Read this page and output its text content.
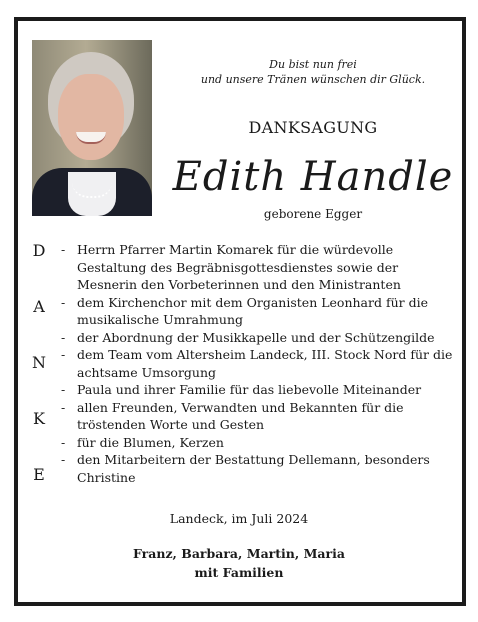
Du bist nun frei
und unsere Tränen wünschen dir Glück.
DANKSAGUNG
Edith Handle
geborene Egger
D
A
N
K
E
- Herrn Pfarrer Martin Komarek für die würdevolle Gestaltung des Begräbnisgottesdienstes sowie der Mesnerin den Vorbeterinnen und den Ministranten
- dem Kirchenchor mit dem Organisten Leonhard für die musikalische Umrahmung
- der Abordnung der Musikkapelle und der Schützengilde
- dem Team vom Altersheim Landeck, III. Stock Nord für die achtsame Umsorgung
- Paula und ihrer Familie für das liebevolle Miteinander
- allen Freunden, Verwandten und Bekannten für die tröstenden Worte und Gesten
- für die Blumen, Kerzen
- den Mitarbeitern der Bestattung Dellemann, besonders Christine
Landeck, im Juli 2024
Franz, Barbara, Martin, Maria
mit Familien
